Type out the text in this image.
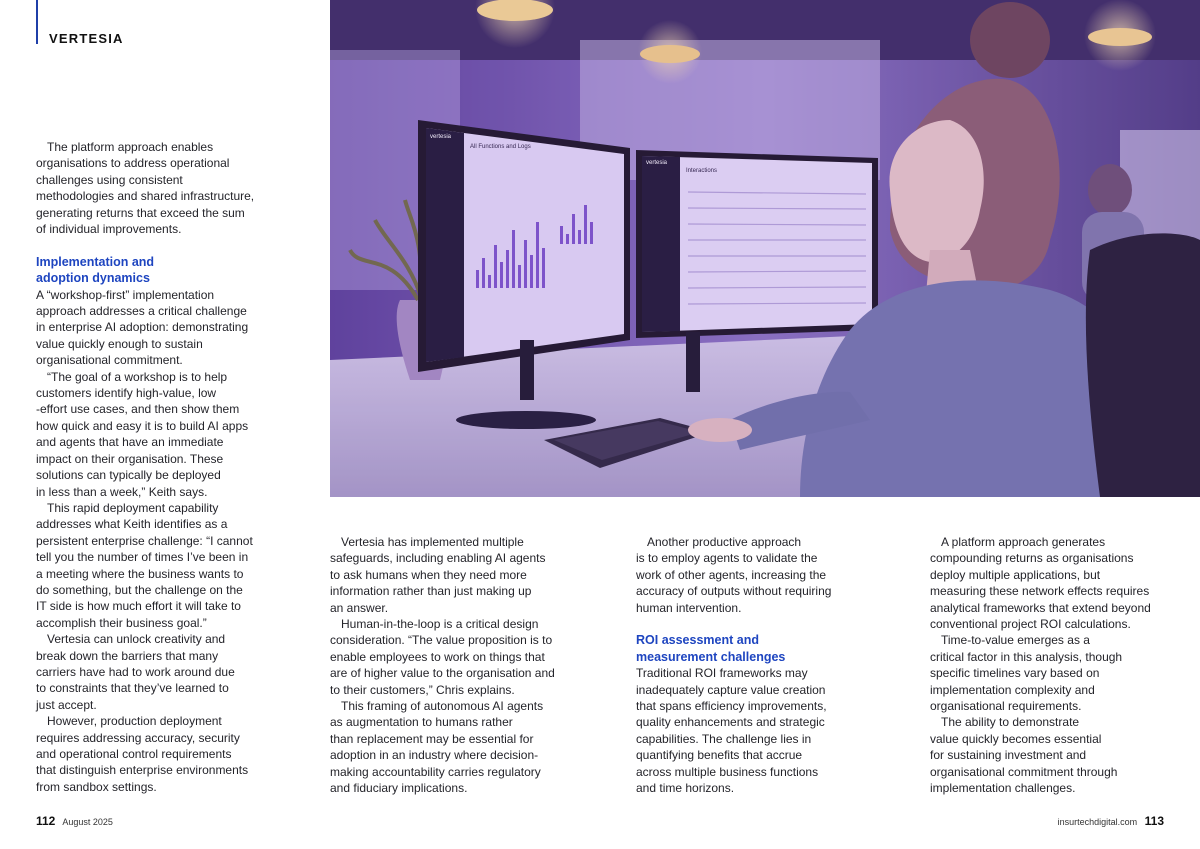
VERTESIA
All Functions and Logs
vertesia
Interactions
vertesia

The platform approach enables
organisations to address operational
challenges using consistent
methodologies and shared infrastructure,
generating returns that exceed the sum
of individual improvements.

Implementation and
adoption dynamics

A “workshop-first” implementation
approach addresses a critical challenge
in enterprise AI adoption: demonstrating
value quickly enough to sustain
organisational commitment.

“The goal of a workshop is to help
customers identify high-value, low
-effort use cases, and then show them
how quick and easy it is to build AI apps
and agents that have an immediate
impact on their organisation. These
solutions can typically be deployed
in less than a week,” Keith says.

This rapid deployment capability
addresses what Keith identifies as a
persistent enterprise challenge: “I cannot
tell you the number of times I’ve been in
a meeting where the business wants to
do something, but the challenge on the
IT side is how much effort it will take to
accomplish their business goal.”

Vertesia can unlock creativity and
break down the barriers that many
carriers have had to work around due
to constraints that they’ve learned to
just accept.

However, production deployment
requires addressing accuracy, security
and operational control requirements
that distinguish enterprise environments
from sandbox settings.

Vertesia has implemented multiple
safeguards, including enabling AI agents
to ask humans when they need more
information rather than just making up
an answer.

Human-in-the-loop is a critical design
consideration. “The value proposition is to
enable employees to work on things that
are of higher value to the organisation and
to their customers,” Chris explains.

This framing of autonomous AI agents
as augmentation to humans rather
than replacement may be essential for
adoption in an industry where decision-
making accountability carries regulatory
and fiduciary implications.

Another productive approach
is to employ agents to validate the
work of other agents, increasing the
accuracy of outputs without requiring
human intervention.

ROI assessment and
measurement challenges

Traditional ROI frameworks may
inadequately capture value creation
that spans efficiency improvements,
quality enhancements and strategic
capabilities. The challenge lies in
quantifying benefits that accrue
across multiple business functions
and time horizons.

A platform approach generates
compounding returns as organisations
deploy multiple applications, but
measuring these network effects requires
analytical frameworks that extend beyond
conventional project ROI calculations.

Time-to-value emerges as a
critical factor in this analysis, though
specific timelines vary based on
implementation complexity and
organisational requirements.

The ability to demonstrate
value quickly becomes essential
for sustaining investment and
organisational commitment through
implementation challenges.

112 August 2025	insurtechdigital.com 113
